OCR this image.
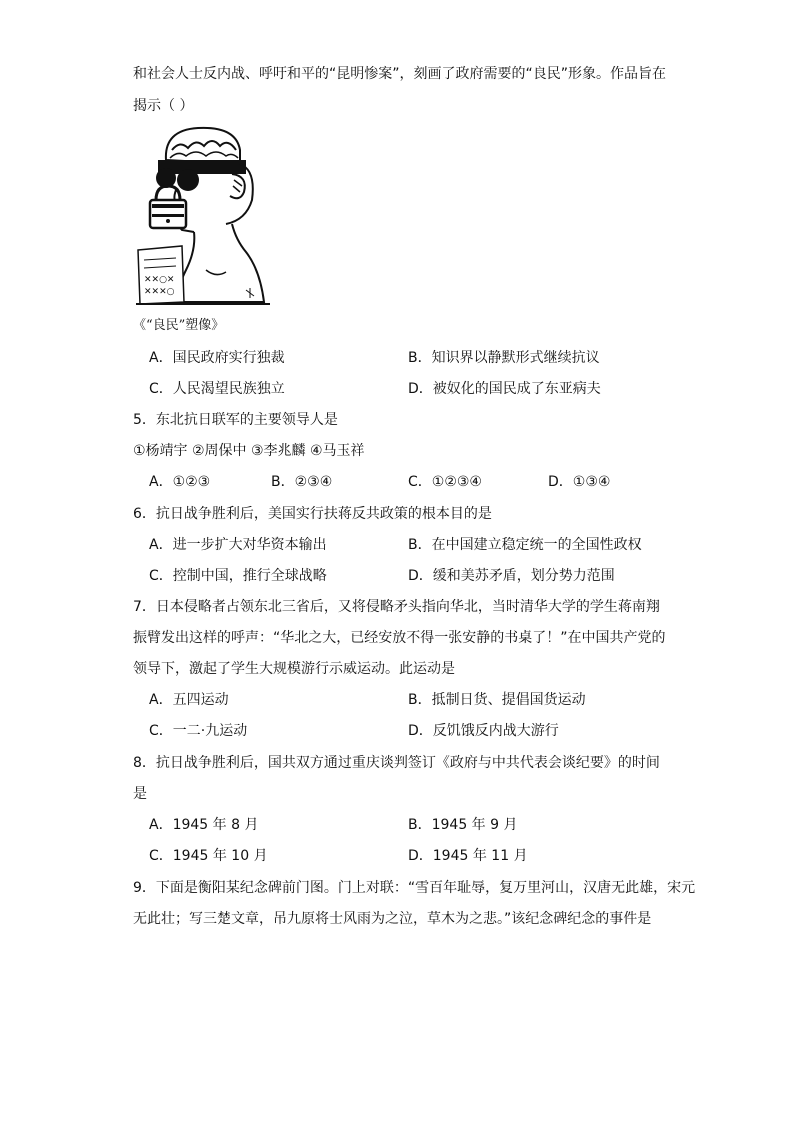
和社会人士反内战、呼吁和平的“昆明惨案”，刻画了政府需要的“良民”形象。作品旨在
揭示（ ）
✕✕○✕
✕✕✕○
《“良民”塑像》
A．国民政府实行独裁	B．知识界以静默形式继续抗议
C．人民渴望民族独立	D．被奴化的国民成了东亚病夫
5．东北抗日联军的主要领导人是
①杨靖宇 ②周保中 ③李兆麟 ④马玉祥
A．①②③	B．②③④	C．①②③④	D．①③④
6．抗日战争胜利后，美国实行扶蒋反共政策的根本目的是
A．进一步扩大对华资本输出	B．在中国建立稳定统一的全国性政权
C．控制中国，推行全球战略	D．缓和美苏矛盾，划分势力范围
7．日本侵略者占领东北三省后，又将侵略矛头指向华北，当时清华大学的学生蒋南翔
振臂发出这样的呼声：“华北之大，已经安放不得一张安静的书桌了！”在中国共产党的
领导下，激起了学生大规模游行示威运动。此运动是
A．五四运动	B．抵制日货、提倡国货运动
C．一二·九运动	D．反饥饿反内战大游行
8．抗日战争胜利后，国共双方通过重庆谈判签订《政府与中共代表会谈纪要》的时间
是
A．1945 年 8 月	B．1945 年 9 月
C．1945 年 10 月	D．1945 年 11 月
9．下面是衡阳某纪念碑前门图。门上对联：“雪百年耻辱，复万里河山，汉唐无此雄，宋元
无此壮；写三楚文章，吊九原将士风雨为之泣，草木为之悲。”该纪念碑纪念的事件是
